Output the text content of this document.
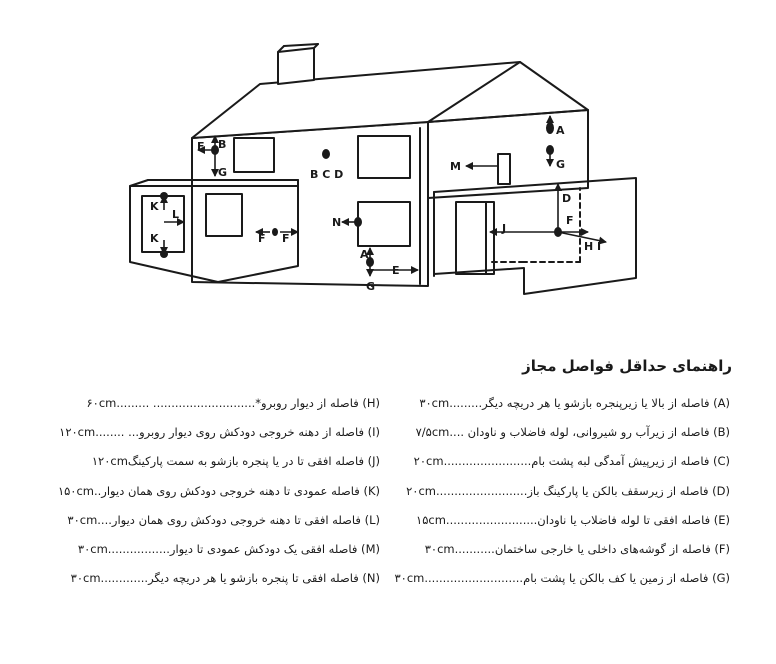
B
F
G	B C D
A
G
M
N
A
G
E
D
F
J
H I
K
K
L
F F
راهنمای حداقل فواصل مجاز
(A) فاصله از بالا یا زیرپنجره بازشو یا هر دریچه دیگر.........۳۰cm
(B) فاصله از زیرآب رو شیروانی، لوله فاضلاب و ناودان ....۷/۵cm
(C) فاصله از زیرپیش آمدگی لبه پشت بام........................۲۰cm
(D) فاصله از زیرسقف بالکن یا پارکینگ باز.........................۲۰cm
(E) فاصله افقی تا لوله فاضلاب یا ناودان.........................۱۵cm
(F) فاصله از گوشه‌های داخلی یا خارجی ساختمان...........۳۰cm
(G) فاصله از زمین یا کف بالکن یا پشت بام...........................۳۰cm
(H) فاصله از دیوار روبرو*............................ .........۶۰cm
(I) فاصله از دهنه خروجی دودکش روی دیوار روبرو... ........۱۲۰cm
(J) فاصله افقی تا در یا پنجره بازشو به سمت پارکینگ۱۲۰cm
(K) فاصله عمودی تا دهنه خروجی دودکش روی همان دیوار..۱۵۰cm
(L) فاصله افقی تا دهنه خروجی دودکش روی همان دیوار....۳۰cm
(M) فاصله افقی یک دودکش عمودی تا دیوار.................۳۰cm
(N) فاصله افقی تا پنجره بازشو یا هر دریچه دیگر.............۳۰cm
